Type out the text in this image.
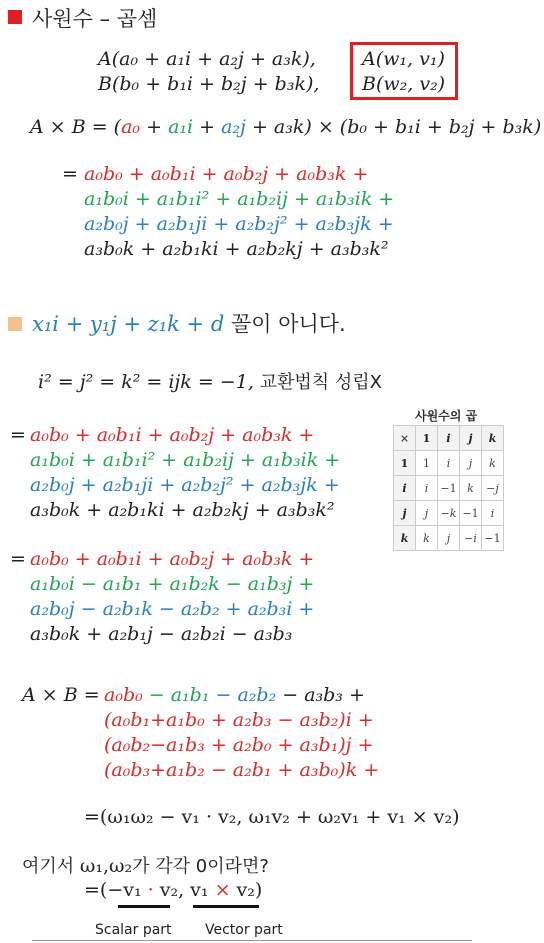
사원수 – 곱셈
A(a₀ + a₁i + a₂j + a₃k),
B(b₀ + b₁i + b₂j + b₃k),
A(w₁, v₁)
B(w₂, v₂)
A × B = (a₀ + a₁i + a₂j + a₃k) × (b₀ + b₁i + b₂j + b₃k)
= a₀b₀ + a₀b₁i + a₀b₂j + a₀b₃k +
a₁b₀i + a₁b₁i² + a₁b₂ij + a₁b₃ik +
a₂b₀j + a₂b₁ji + a₂b₂j² + a₂b₃jk +
a₃b₀k + a₂b₁ki + a₂b₂kj + a₃b₃k²
x₁i + y₁j + z₁k + d 꼴이 아니다.
i² = j² = k² = ijk = −1, 교환법칙 성립X
= a₀b₀ + a₀b₁i + a₀b₂j + a₀b₃k +
a₁b₀i + a₁b₁i² + a₁b₂ij + a₁b₃ik +
a₂b₀j + a₂b₁ji + a₂b₂j² + a₂b₃jk +
a₃b₀k + a₂b₁ki + a₂b₂kj + a₃b₃k²
사원수의 곱
×	1	i	j	k
1	1	i	j	k
i	i	−1	k	−j
j	j	−k	−1	i
k	k	j	−i	−1
= a₀b₀ + a₀b₁i + a₀b₂j + a₀b₃k +
a₁b₀i − a₁b₁ + a₁b₂k − a₁b₃j +
a₂b₀j − a₂b₁k − a₂b₂ + a₂b₃i +
a₃b₀k + a₂b₁j − a₂b₂i − a₃b₃
A × B = a₀b₀ − a₁b₁ − a₂b₂ − a₃b₃ +
(a₀b₁+a₁b₀ + a₂b₃ − a₃b₂)i +
(a₀b₂−a₁b₃ + a₂b₀ + a₃b₁)j +
(a₀b₃+a₁b₂ − a₂b₁ + a₃b₀)k +
=(ω₁ω₂ − v₁ · v₂, ω₁v₂ + ω₂v₁ + v₁ × v₂)
여기서 ω₁,ω₂가 각각 0이라면?
=(−v₁ · v₂, v₁ × v₂)
Scalar part Vector part
